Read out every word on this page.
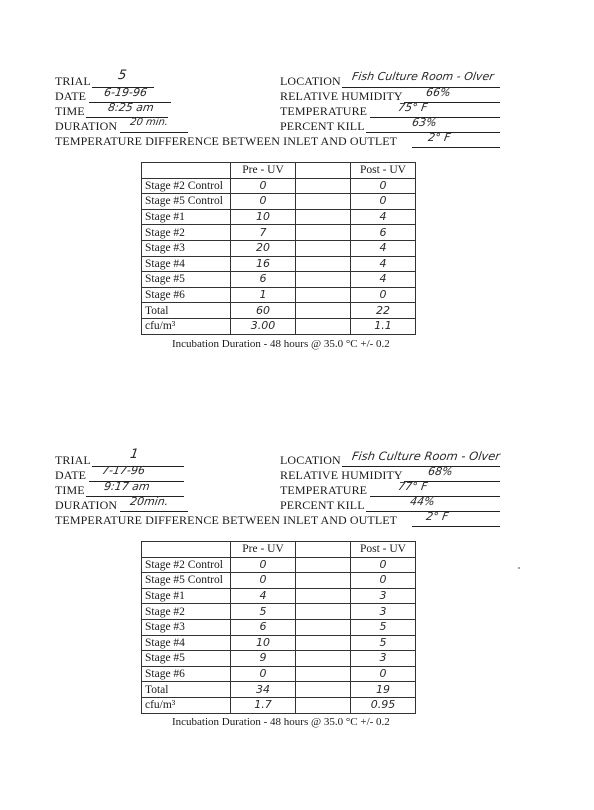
TRIAL 5
DATE 6-19-96
TIME 8:25 am
DURATION 20 min.
LOCATION Fish Culture Room - Olver
RELATIVE HUMIDITY 66%
TEMPERATURE	75° F
PERCENT KILL	63%
TEMPERATURE DIFFERENCE BETWEEN INLET AND OUTLET	2° F
	Pre - UV		Post - UV
Stage #2 Control	0		0
Stage #5 Control	0		0
Stage #1	10		4
Stage #2	7		6
Stage #3	20		4
Stage #4	16		4
Stage #5	6		4
Stage #6	1		0
Total	60		22
cfu/m³	3.00		1.1
Incubation Duration - 48 hours @ 35.0 °C +/- 0.2
TRIAL	1
DATE 7-17-96
TIME 9:17 am
DURATION 20min.
LOCATION Fish Culture Room - Olver
RELATIVE HUMIDITY 68%
TEMPERATURE	77° F
PERCENT KILL	44%
TEMPERATURE DIFFERENCE BETWEEN INLET AND OUTLET	2° F
	Pre - UV		Post - UV
Stage #2 Control	0		0
Stage #5 Control	0		0
Stage #1	4		3
Stage #2	5		3
Stage #3	6		5
Stage #4	10		5
Stage #5	9		3
Stage #6	0		0
Total	34		19
cfu/m³	1.7		0.95
Incubation Duration - 48 hours @ 35.0 °C +/- 0.2
